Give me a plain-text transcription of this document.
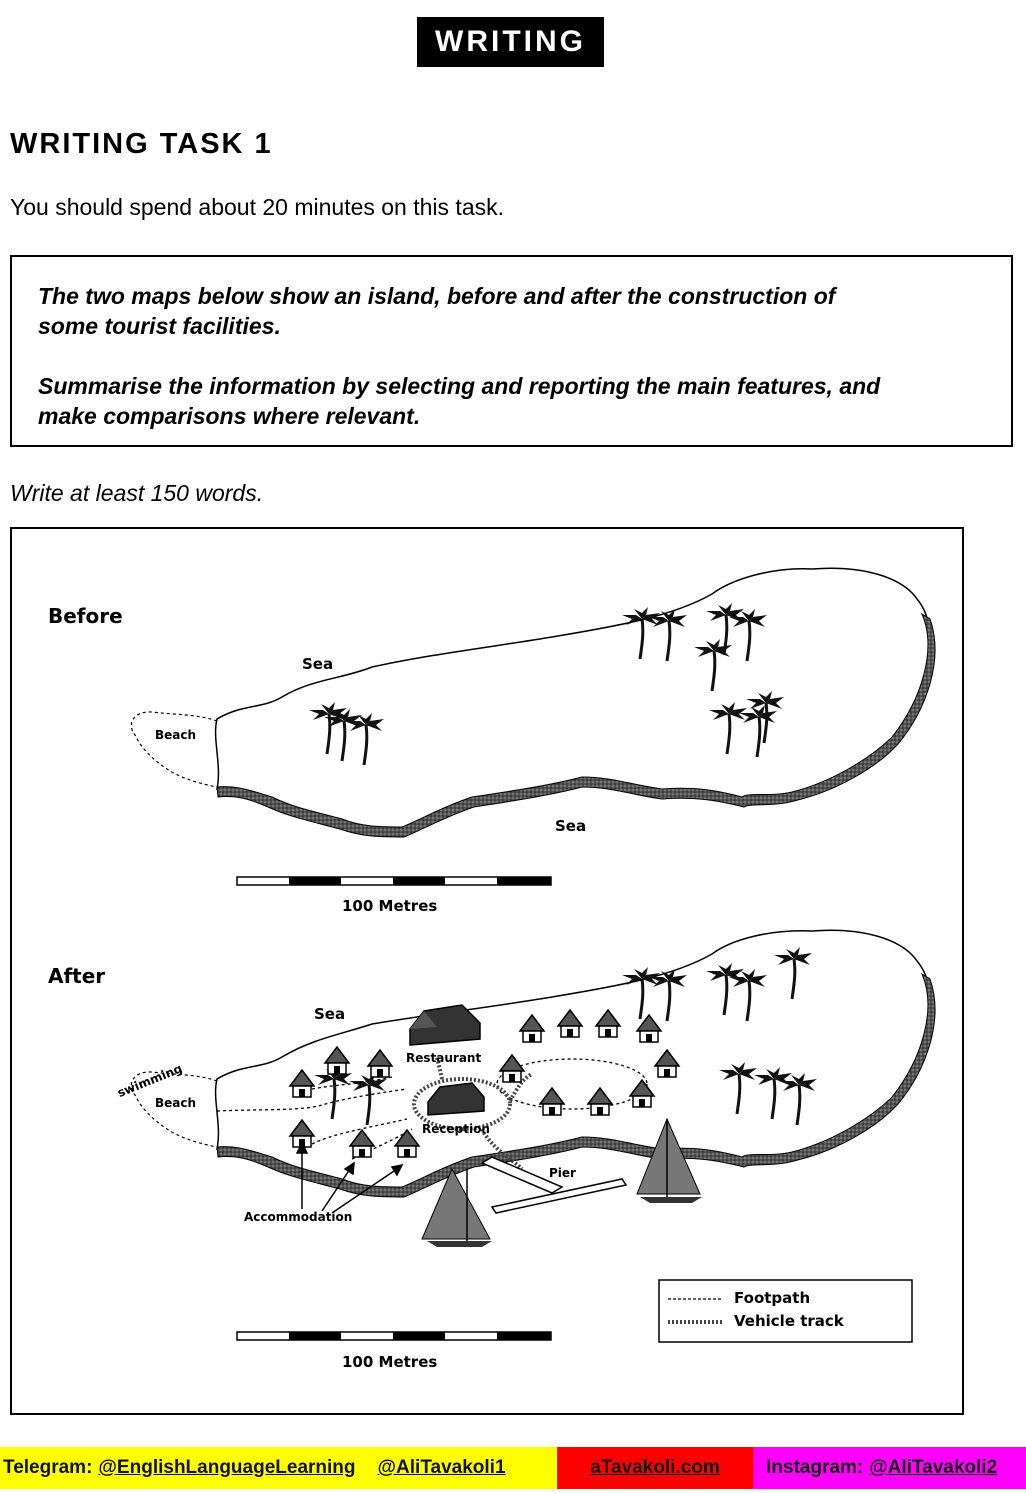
WRITING
WRITING TASK 1
You should spend about 20 minutes on this task.
The two maps below show an island, before and after the construction of
some tourist facilities.
Summarise the information by selecting and reporting the main features, and
make comparisons where relevant.
Write at least 150 words.
Before
Sea
Sea
Beach
100 Metres
After
Sea
swimming
Beach
Restaurant
Reception
Pier
Accommodation
Footpath
Vehicle track
100 Metres
Telegram: @EnglishLanguageLearning @AliTavakoli1	aTavakoli.com Instagram: @AliTavakoli2
